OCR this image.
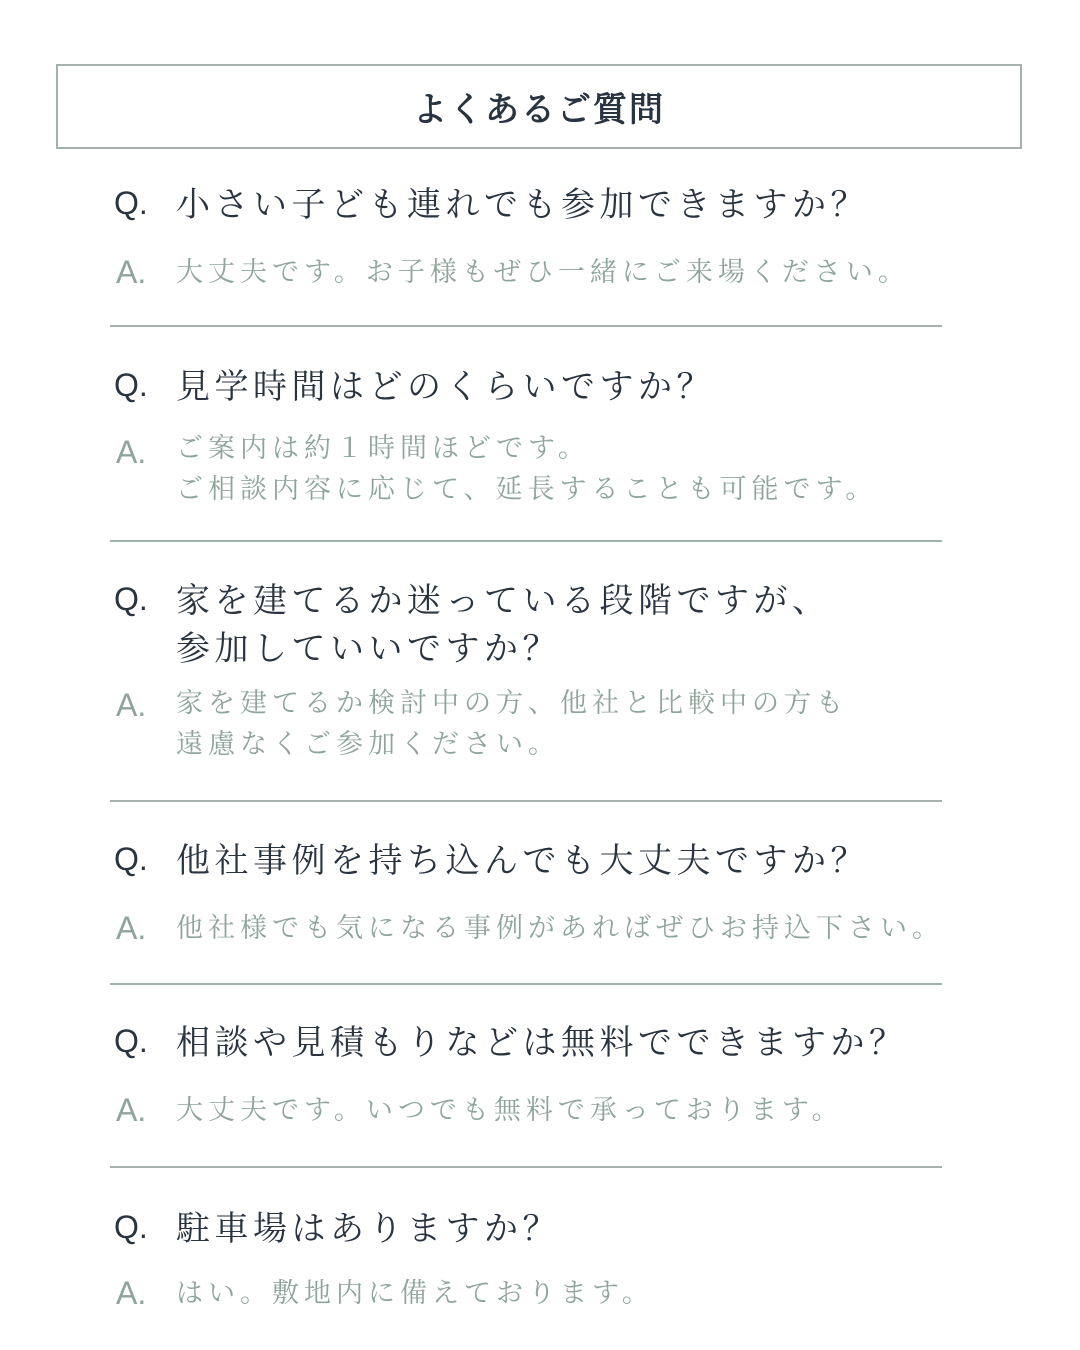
よくあるご質問
Q. 小さい子ども連れでも参加できますか？
A. 大丈夫です。お子様もぜひ一緒にご来場ください。
Q. 見学時間はどのくらいですか？
A. ご案内は約１時間ほどです。
ご相談内容に応じて、延長することも可能です。
Q. 家を建てるか迷っている段階ですが、
参加していいですか？
A. 家を建てるか検討中の方、他社と比較中の方も
遠慮なくご参加ください。
Q. 他社事例を持ち込んでも大丈夫ですか？
A. 他社様でも気になる事例があればぜひお持込下さい。
Q. 相談や見積もりなどは無料でできますか？
A. 大丈夫です。いつでも無料で承っております。
Q. 駐車場はありますか？
A. はい。敷地内に備えております。
